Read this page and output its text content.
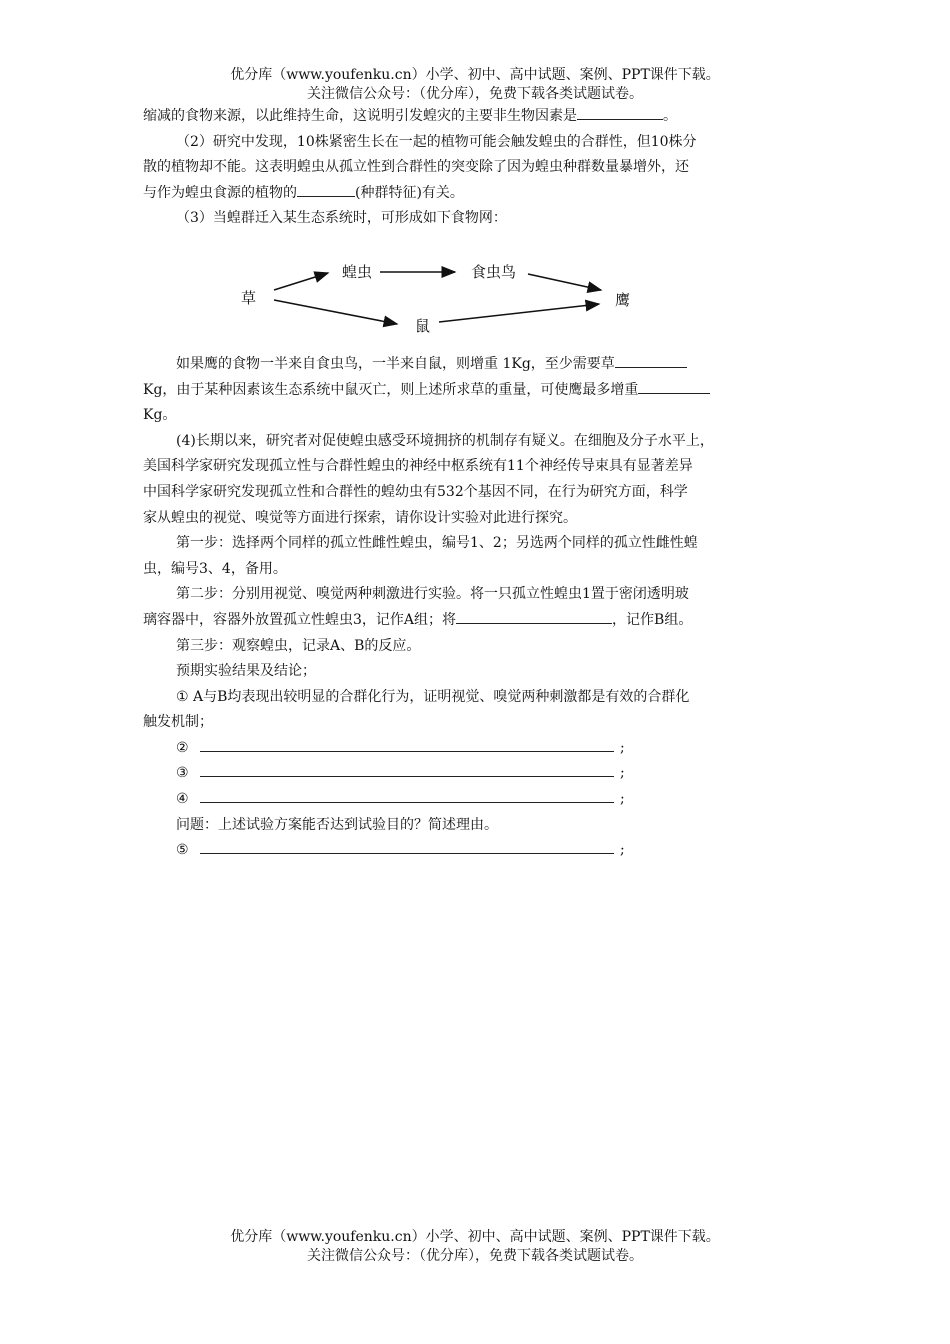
优分库（www.youfenku.cn）小学、初中、高中试题、案例、PPT课件下载。
关注微信公众号：（优分库），免费下载各类试题试卷。

缩减的食物来源，以此维持生命，这说明引发蝗灾的主要非生物因素是	。

（2）研究中发现，10株紧密生长在一起的植物可能会触发蝗虫的合群性，但10株分

散的植物却不能。这表明蝗虫从孤立性到合群性的突变除了因为蝗虫种群数量暴增外，还

与作为蝗虫食源的植物的	(种群特征)有关。

（3）当蝗群迁入某生态系统时，可形成如下食物网：

草
蝗虫	食虫鸟
鼠
鹰

如果鹰的食物一半来自食虫鸟，一半来自鼠，则增重 1Kg，至少需要草

Kg，由于某种因素该生态系统中鼠灭亡，则上述所求草的重量，可使鹰最多增重

Kg。

(4)长期以来，研究者对促使蝗虫感受环境拥挤的机制存有疑义。在细胞及分子水平上，

美国科学家研究发现孤立性与合群性蝗虫的神经中枢系统有11个神经传导束具有显著差异

中国科学家研究发现孤立性和合群性的蝗幼虫有532个基因不同，在行为研究方面，科学

家从蝗虫的视觉、嗅觉等方面进行探索，请你设计实验对此进行探究。

第一步：选择两个同样的孤立性雌性蝗虫，编号1、2；另选两个同样的孤立性雌性蝗

虫，编号3、4，备用。

第二步：分别用视觉、嗅觉两种刺激进行实验。将一只孤立性蝗虫1置于密闭透明玻

璃容器中，容器外放置孤立性蝗虫3，记作A组；将	，记作B组。

第三步：观察蝗虫，记录A、B的反应。

预期实验结果及结论；

① A与B均表现出较明显的合群化行为，证明视觉、嗅觉两种刺激都是有效的合群化

触发机制；

②	;

③	;

④	;

问题：上述试验方案能否达到试验目的？简述理由。

⑤	;

优分库（www.youfenku.cn）小学、初中、高中试题、案例、PPT课件下载。
关注微信公众号：（优分库），免费下载各类试题试卷。
